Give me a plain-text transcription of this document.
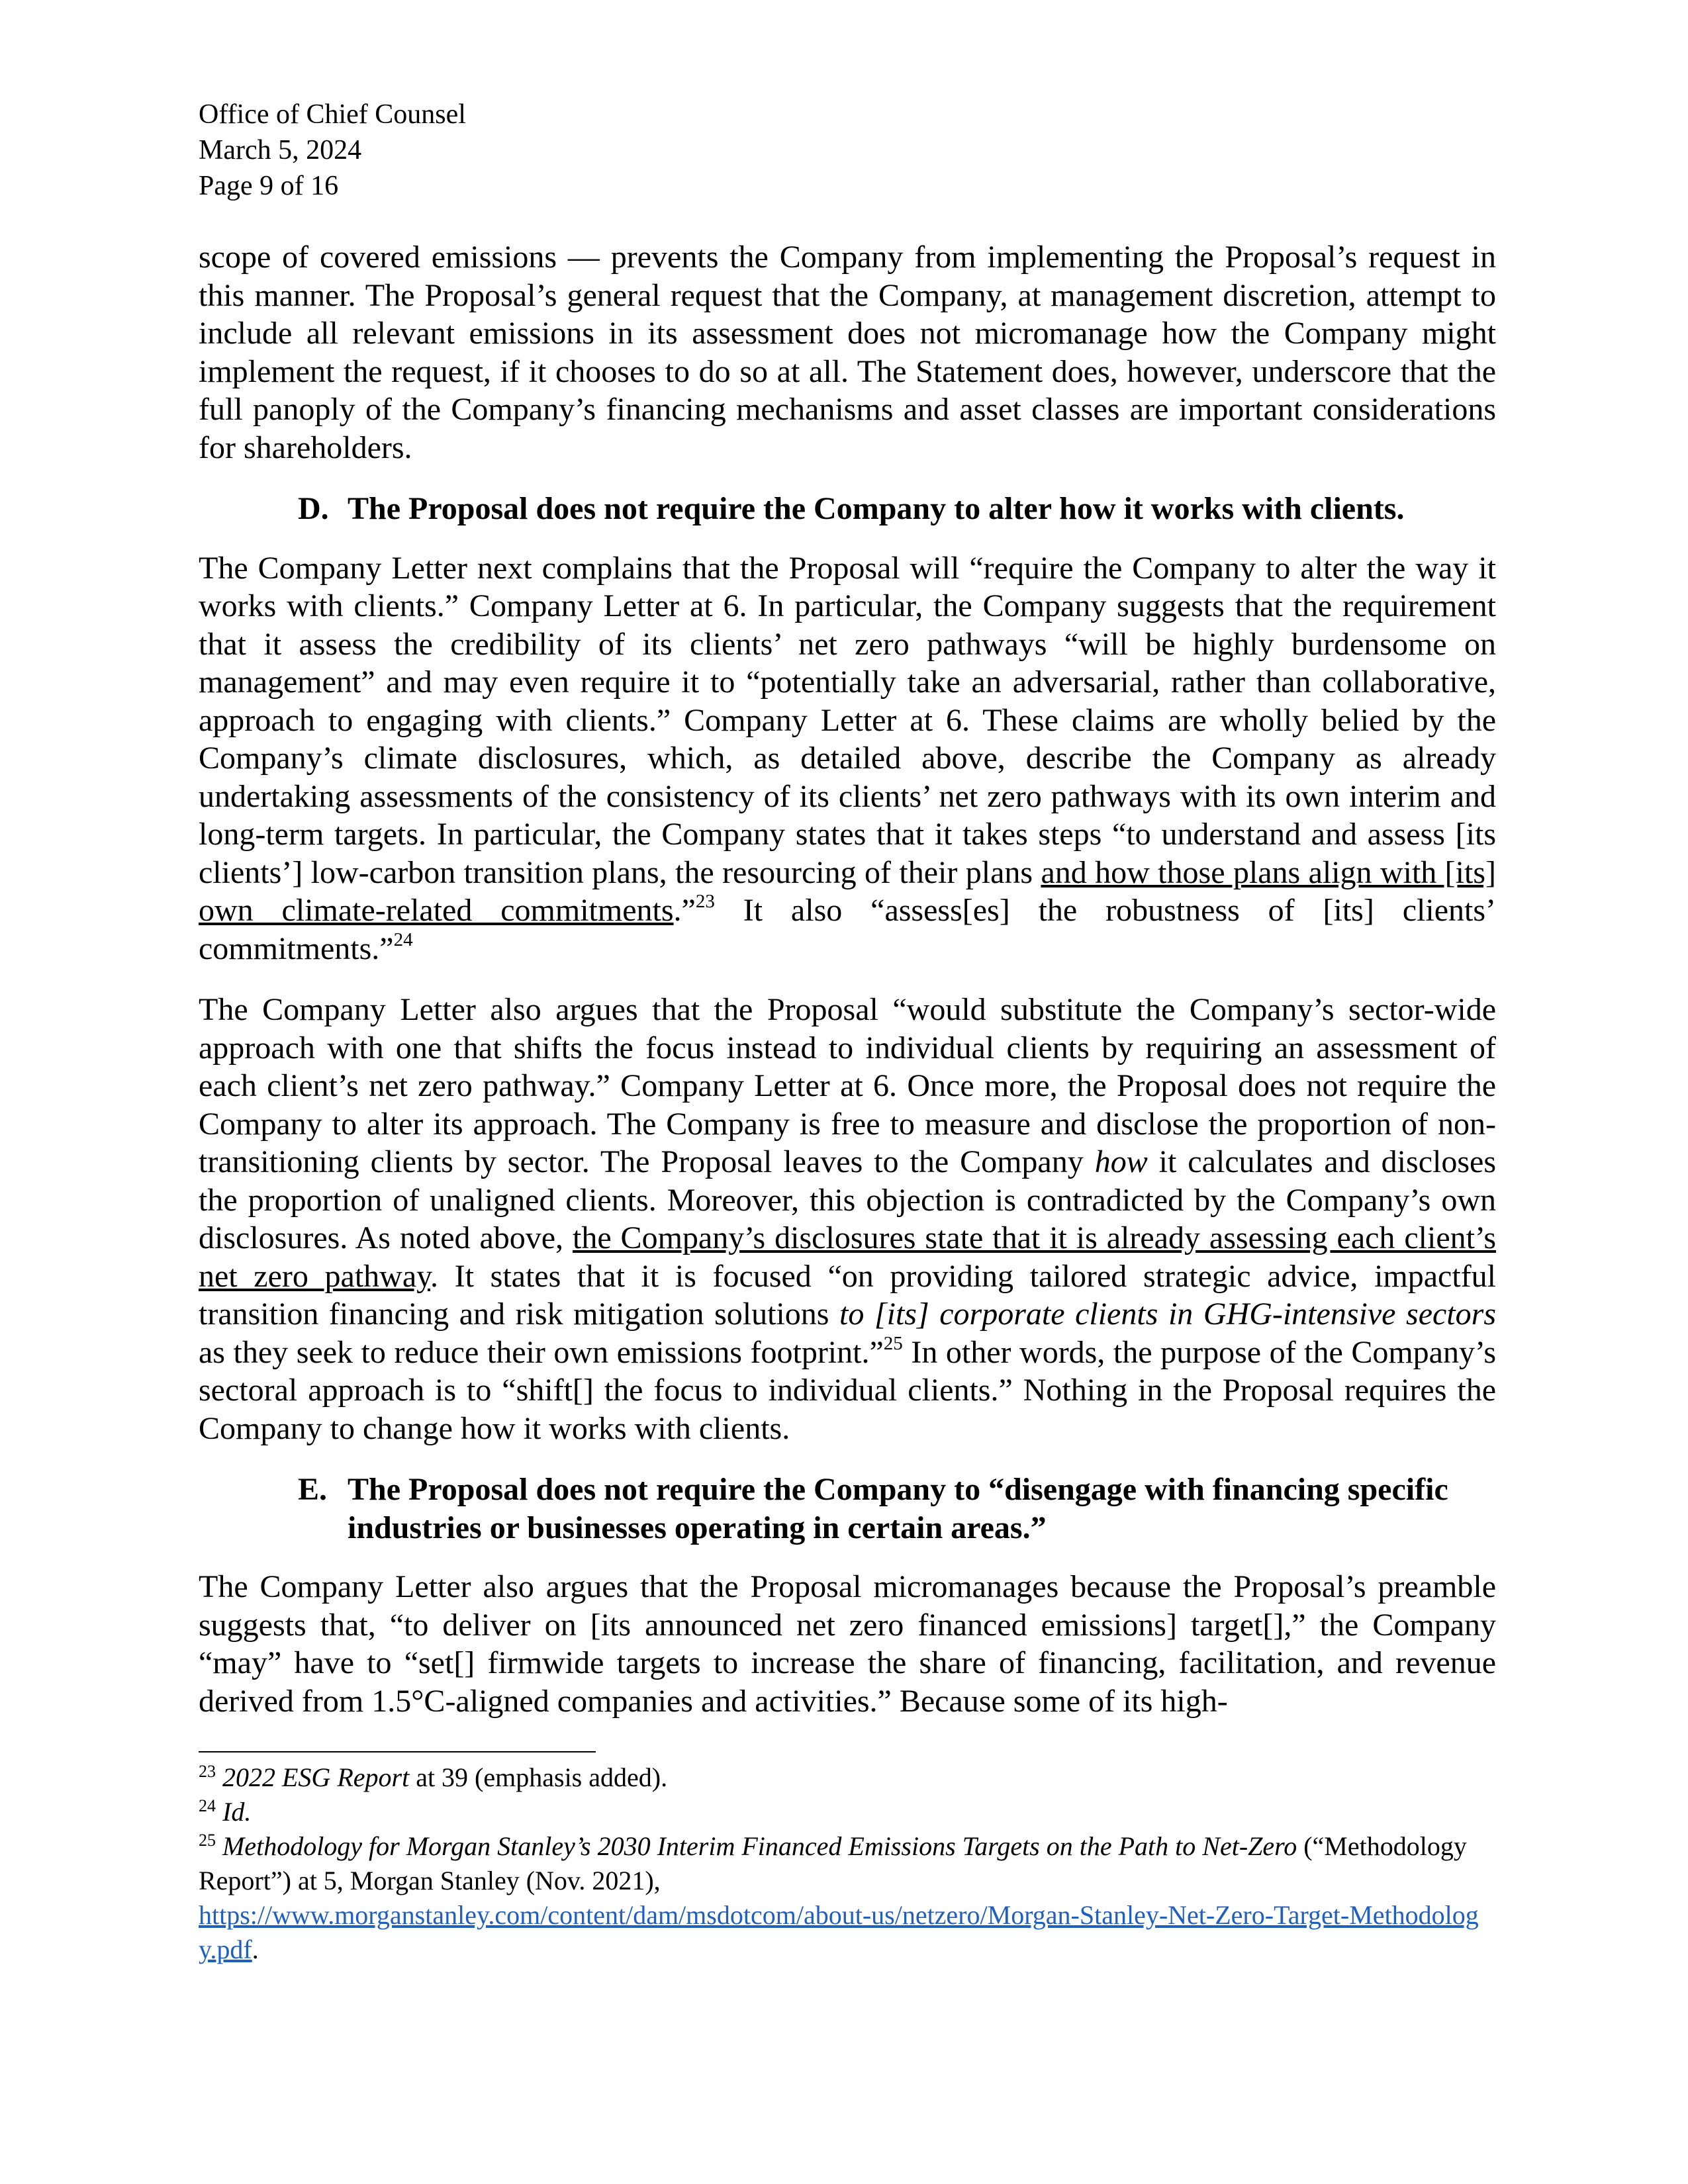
Office of Chief Counsel
March 5, 2024
Page 9 of 16

scope of covered emissions — prevents the Company from implementing the Proposal’s request in this manner. The Proposal’s general request that the Company, at management discretion, attempt to include all relevant emissions in its assessment does not micromanage how the Company might implement the request, if it chooses to do so at all. The Statement does, however, underscore that the full panoply of the Company’s financing mechanisms and asset classes are important considerations for shareholders.

D. The Proposal does not require the Company to alter how it works with clients.

The Company Letter next complains that the Proposal will “require the Company to alter the way it works with clients.” Company Letter at 6. In particular, the Company suggests that the requirement that it assess the credibility of its clients’ net zero pathways “will be highly burdensome on management” and may even require it to “potentially take an adversarial, rather than collaborative, approach to engaging with clients.” Company Letter at 6. These claims are wholly belied by the Company’s climate disclosures, which, as detailed above, describe the Company as already undertaking assessments of the consistency of its clients’ net zero pathways with its own interim and long-term targets. In particular, the Company states that it takes steps “to understand and assess [its clients’] low-carbon transition plans, the resourcing of their plans and how those plans align with [its] own climate-related commitments.”$^{23}$ It also “assess[es] the robustness of [its] clients’ commitments.”$^{24}$

The Company Letter also argues that the Proposal “would substitute the Company’s sector-wide approach with one that shifts the focus instead to individual clients by requiring an assessment of each client’s net zero pathway.” Company Letter at 6. Once more, the Proposal does not require the Company to alter its approach. The Company is free to measure and disclose the proportion of non-transitioning clients by sector. The Proposal leaves to the Company how it calculates and discloses the proportion of unaligned clients. Moreover, this objection is contradicted by the Company’s own disclosures. As noted above, the Company’s disclosures state that it is already assessing each client’s net zero pathway. It states that it is focused “on providing tailored strategic advice, impactful transition financing and risk mitigation solutions to [its] corporate clients in GHG-intensive sectors as they seek to reduce their own emissions footprint.”$^{25}$ In other words, the purpose of the Company’s sectoral approach is to “shift[] the focus to individual clients.” Nothing in the Proposal requires the Company to change how it works with clients.

E. The Proposal does not require the Company to “disengage with financing specific industries or businesses operating in certain areas.”

The Company Letter also argues that the Proposal micromanages because the Proposal’s preamble suggests that, “to deliver on [its announced net zero financed emissions] target[],” the Company “may” have to “set[] firmwide targets to increase the share of financing, facilitation, and revenue derived from 1.5°C-aligned companies and activities.” Because some of its high-

$^{23}$ 2022 ESG Report at 39 (emphasis added).
$^{24}$ Id.
$^{25}$ Methodology for Morgan Stanley’s 2030 Interim Financed Emissions Targets on the Path to Net-Zero (“Methodology Report”) at 5, Morgan Stanley (Nov. 2021),
https://www.morganstanley.com/content/dam/msdotcom/about-us/netzero/Morgan-Stanley-Net-Zero-Target-Methodology.pdf.
